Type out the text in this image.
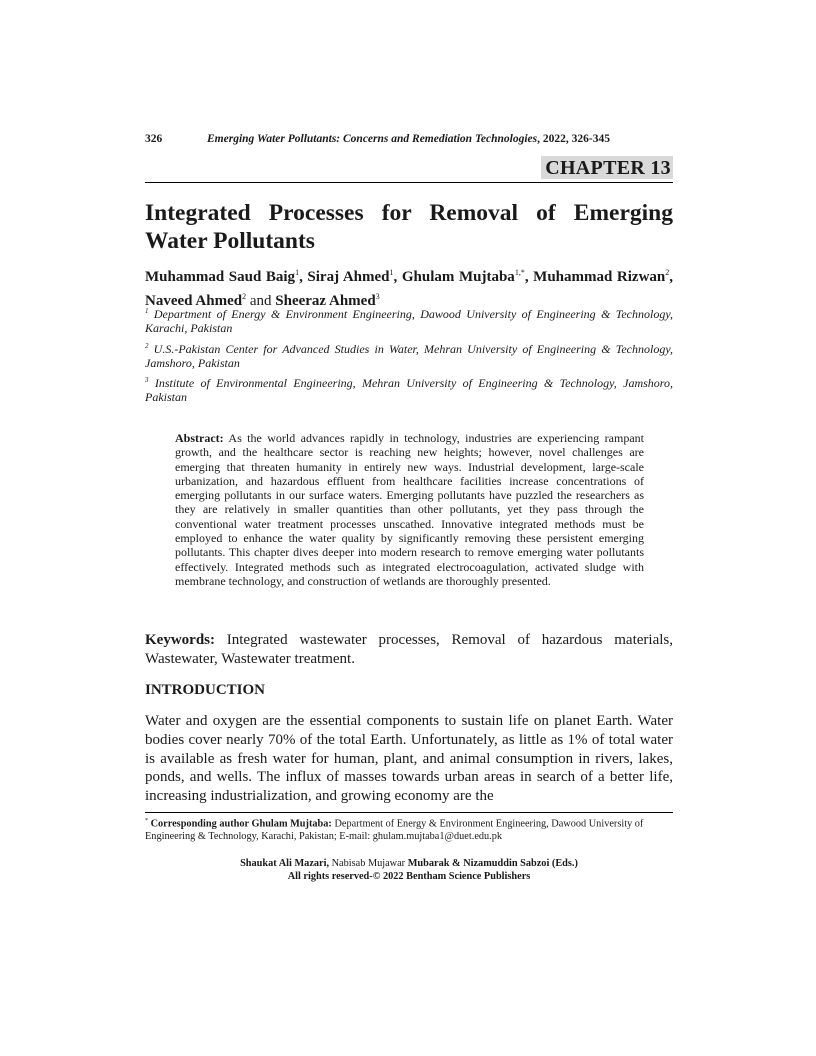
326	Emerging Water Pollutants: Concerns and Remediation Technologies, 2022, 326-345
CHAPTER 13
Integrated Processes for Removal of Emerging Water Pollutants

Muhammad Saud Baig$^1$, Siraj Ahmed$^1$, Ghulam Mujtaba$^{1,*}$, Muhammad Rizwan$^2$, Naveed Ahmed$^2$ and Sheeraz Ahmed$^3$

$^1$ Department of Energy & Environment Engineering, Dawood University of Engineering & Technology, Karachi, Pakistan

$^2$ U.S.-Pakistan Center for Advanced Studies in Water, Mehran University of Engineering & Technology, Jamshoro, Pakistan

$^3$ Institute of Environmental Engineering, Mehran University of Engineering & Technology, Jamshoro, Pakistan

Abstract: As the world advances rapidly in technology, industries are experiencing rampant growth, and the healthcare sector is reaching new heights; however, novel challenges are emerging that threaten humanity in entirely new ways. Industrial development, large-scale urbanization, and hazardous effluent from healthcare facilities increase concentrations of emerging pollutants in our surface waters. Emerging pollutants have puzzled the researchers as they are relatively in smaller quantities than other pollutants, yet they pass through the conventional water treatment processes unscathed. Innovative integrated methods must be employed to enhance the water quality by significantly removing these persistent emerging pollutants. This chapter dives deeper into modern research to remove emerging water pollutants effectively. Integrated methods such as integrated electrocoagulation, activated sludge with membrane technology, and construction of wetlands are thoroughly presented.

Keywords: Integrated wastewater processes, Removal of hazardous materials, Wastewater, Wastewater treatment.

INTRODUCTION

Water and oxygen are the essential components to sustain life on planet Earth. Water bodies cover nearly 70% of the total Earth. Unfortunately, as little as 1% of total water is available as fresh water for human, plant, and animal consumption in rivers, lakes, ponds, and wells. The influx of masses towards urban areas in search of a better life, increasing industrialization, and growing economy are the

* Corresponding author Ghulam Mujtaba: Department of Energy & Environment Engineering, Dawood University of Engineering & Technology, Karachi, Pakistan; E-mail: ghulam.mujtaba1@duet.edu.pk

Shaukat Ali Mazari, Nabisab Mujawar Mubarak & Nizamuddin Sabzoi (Eds.)
All rights reserved-© 2022 Bentham Science Publishers
